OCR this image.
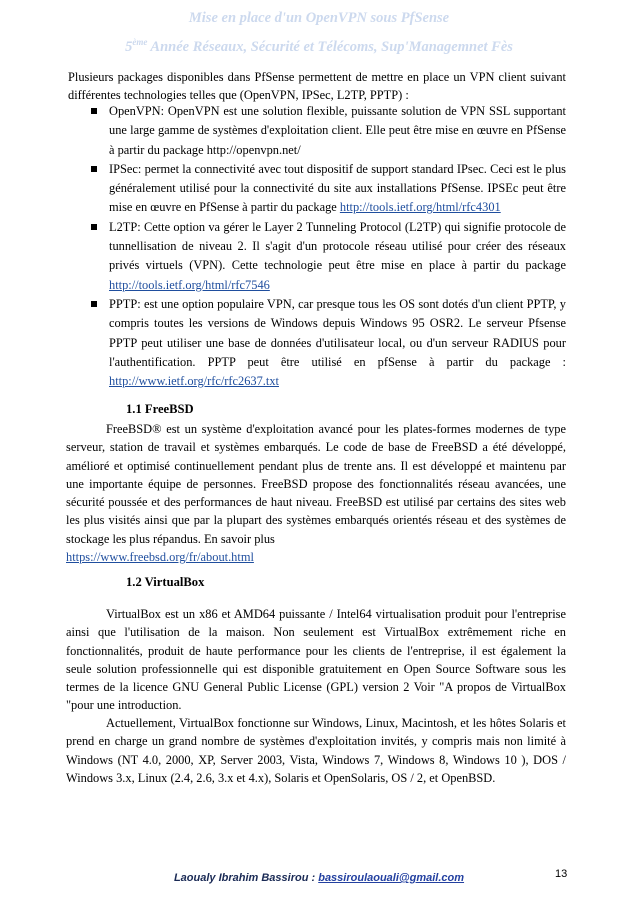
Mise en place d'un OpenVPN sous PfSense
5ème Année Réseaux, Sécurité et Télécoms, Sup'Managemnet Fès
Plusieurs packages disponibles dans PfSense permettent de mettre en place un VPN client suivant différentes technologies telles que (OpenVPN, IPSec, L2TP, PPTP) :
OpenVPN: OpenVPN est une solution flexible, puissante solution de VPN SSL supportant une large gamme de systèmes d'exploitation client. Elle peut être mise en œuvre en PfSense à partir du package http://openvpn.net/
IPSec: permet la connectivité avec tout dispositif de support standard IPsec. Ceci est le plus généralement utilisé pour la connectivité du site aux installations PfSense. IPSEc peut être mise en œuvre en PfSense à partir du package http://tools.ietf.org/html/rfc4301
L2TP: Cette option va gérer le Layer 2 Tunneling Protocol (L2TP) qui signifie protocole de tunnellisation de niveau 2. Il s'agit d'un protocole réseau utilisé pour créer des réseaux privés virtuels (VPN). Cette technologie peut être mise en place à partir du package http://tools.ietf.org/html/rfc7546
PPTP: est une option populaire VPN, car presque tous les OS sont dotés d'un client PPTP, y compris toutes les versions de Windows depuis Windows 95 OSR2. Le serveur Pfsense PPTP peut utiliser une base de données d'utilisateur local, ou d'un serveur RADIUS pour l'authentification. PPTP peut être utilisé en pfSense à partir du package : http://www.ietf.org/rfc/rfc2637.txt
1.1 FreeBSD
FreeBSD® est un système d'exploitation avancé pour les plates-formes modernes de type serveur, station de travail et systèmes embarqués. Le code de base de FreeBSD a été développé, amélioré et optimisé continuellement pendant plus de trente ans. Il est développé et maintenu par une importante équipe de personnes. FreeBSD propose des fonctionnalités réseau avancées, une sécurité poussée et des performances de haut niveau. FreeBSD est utilisé par certains des sites web les plus visités ainsi que par la plupart des systèmes embarqués orientés réseau et des systèmes de stockage les plus répandus. En savoir plus
https://www.freebsd.org/fr/about.html
1.2 VirtualBox
VirtualBox est un x86 et AMD64 puissante / Intel64 virtualisation produit pour l'entreprise ainsi que l'utilisation de la maison. Non seulement est VirtualBox extrêmement riche en fonctionnalités, produit de haute performance pour les clients de l'entreprise, il est également la seule solution professionnelle qui est disponible gratuitement en Open Source Software sous les termes de la licence GNU General Public License (GPL) version 2 Voir "A propos de VirtualBox "pour une introduction.
Actuellement, VirtualBox fonctionne sur Windows, Linux, Macintosh, et les hôtes Solaris et prend en charge un grand nombre de systèmes d'exploitation invités, y compris mais non limité à Windows (NT 4.0, 2000, XP, Server 2003, Vista, Windows 7, Windows 8, Windows 10 ), DOS / Windows 3.x, Linux (2.4, 2.6, 3.x et 4.x), Solaris et OpenSolaris, OS / 2, et OpenBSD.
Laoualy Ibrahim Bassirou : bassiroulaouali@gmail.com	13
